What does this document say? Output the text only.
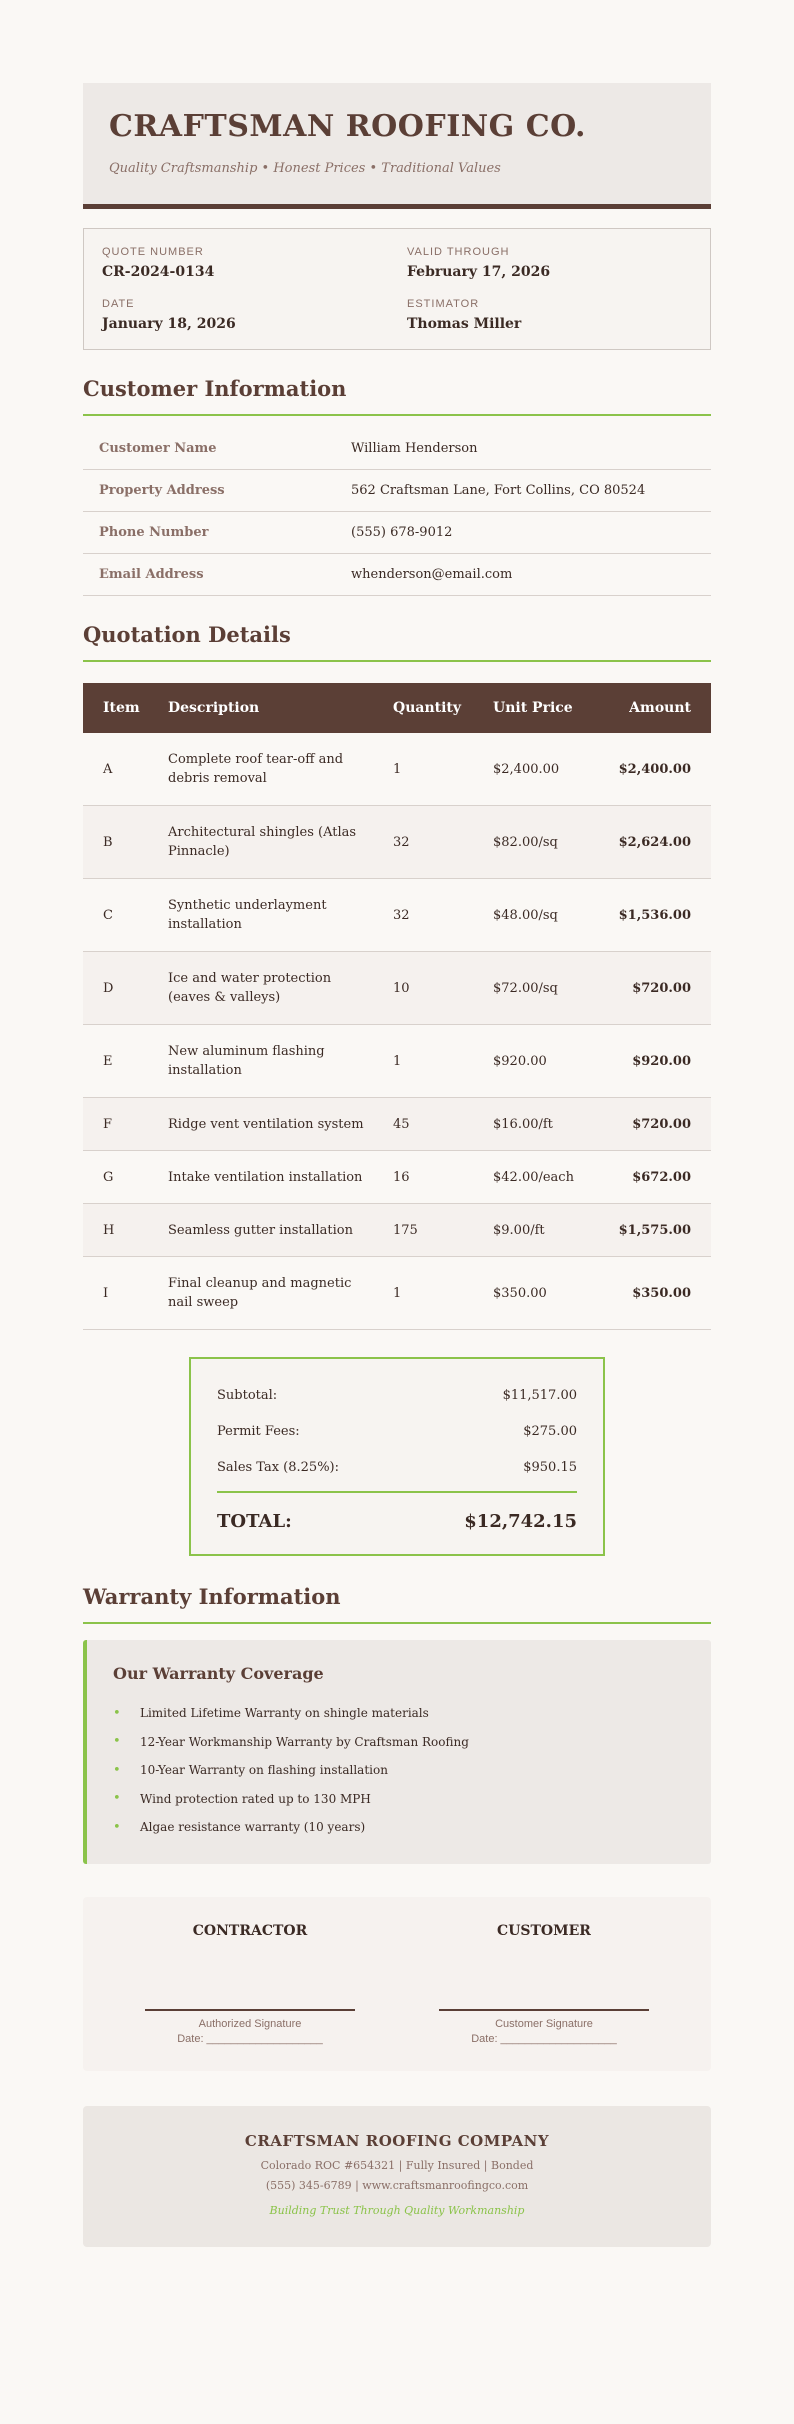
CRAFTSMAN ROOFING CO.
Quality Craftsmanship • Honest Prices • Traditional Values
QUOTE NUMBER
CR-2024-0134
VALID THROUGH
February 17, 2026
DATE
January 18, 2026
ESTIMATOR
Thomas Miller
Customer Information
Customer Name	William Henderson
Property Address	562 Craftsman Lane, Fort Collins, CO 80524
Phone Number	(555) 678-9012
Email Address	whenderson@email.com
Quotation Details
Item	Description	Quantity	Unit Price	Amount
A	Complete roof tear-off and debris removal	1	$2,400.00	$2,400.00
B	Architectural shingles (Atlas Pinnacle)	32	$82.00/sq	$2,624.00
C	Synthetic underlayment installation	32	$48.00/sq	$1,536.00
D	Ice and water protection (eaves & valleys)	10	$72.00/sq	$720.00
E	New aluminum flashing installation	1	$920.00	$920.00
F	Ridge vent ventilation system	45	$16.00/ft	$720.00
G	Intake ventilation installation	16	$42.00/each	$672.00
H	Seamless gutter installation	175	$9.00/ft	$1,575.00
I	Final cleanup and magnetic nail sweep	1	$350.00	$350.00
Subtotal:	$11,517.00
Permit Fees:	$275.00
Sales Tax (8.25%):	$950.15
TOTAL:	$12,742.15
Warranty Information
Our Warranty Coverage
•	Limited Lifetime Warranty on shingle materials
•	12-Year Workmanship Warranty by Craftsman Roofing
•	10-Year Warranty on flashing installation
•	Wind protection rated up to 130 MPH
•	Algae resistance warranty (10 years)
CONTRACTOR
Authorized Signature
Date: ___________________
CUSTOMER
Customer Signature
Date: ___________________
CRAFTSMAN ROOFING COMPANY
Colorado ROC #654321 | Fully Insured | Bonded
(555) 345-6789 | www.craftsmanroofingco.com
Building Trust Through Quality Workmanship
